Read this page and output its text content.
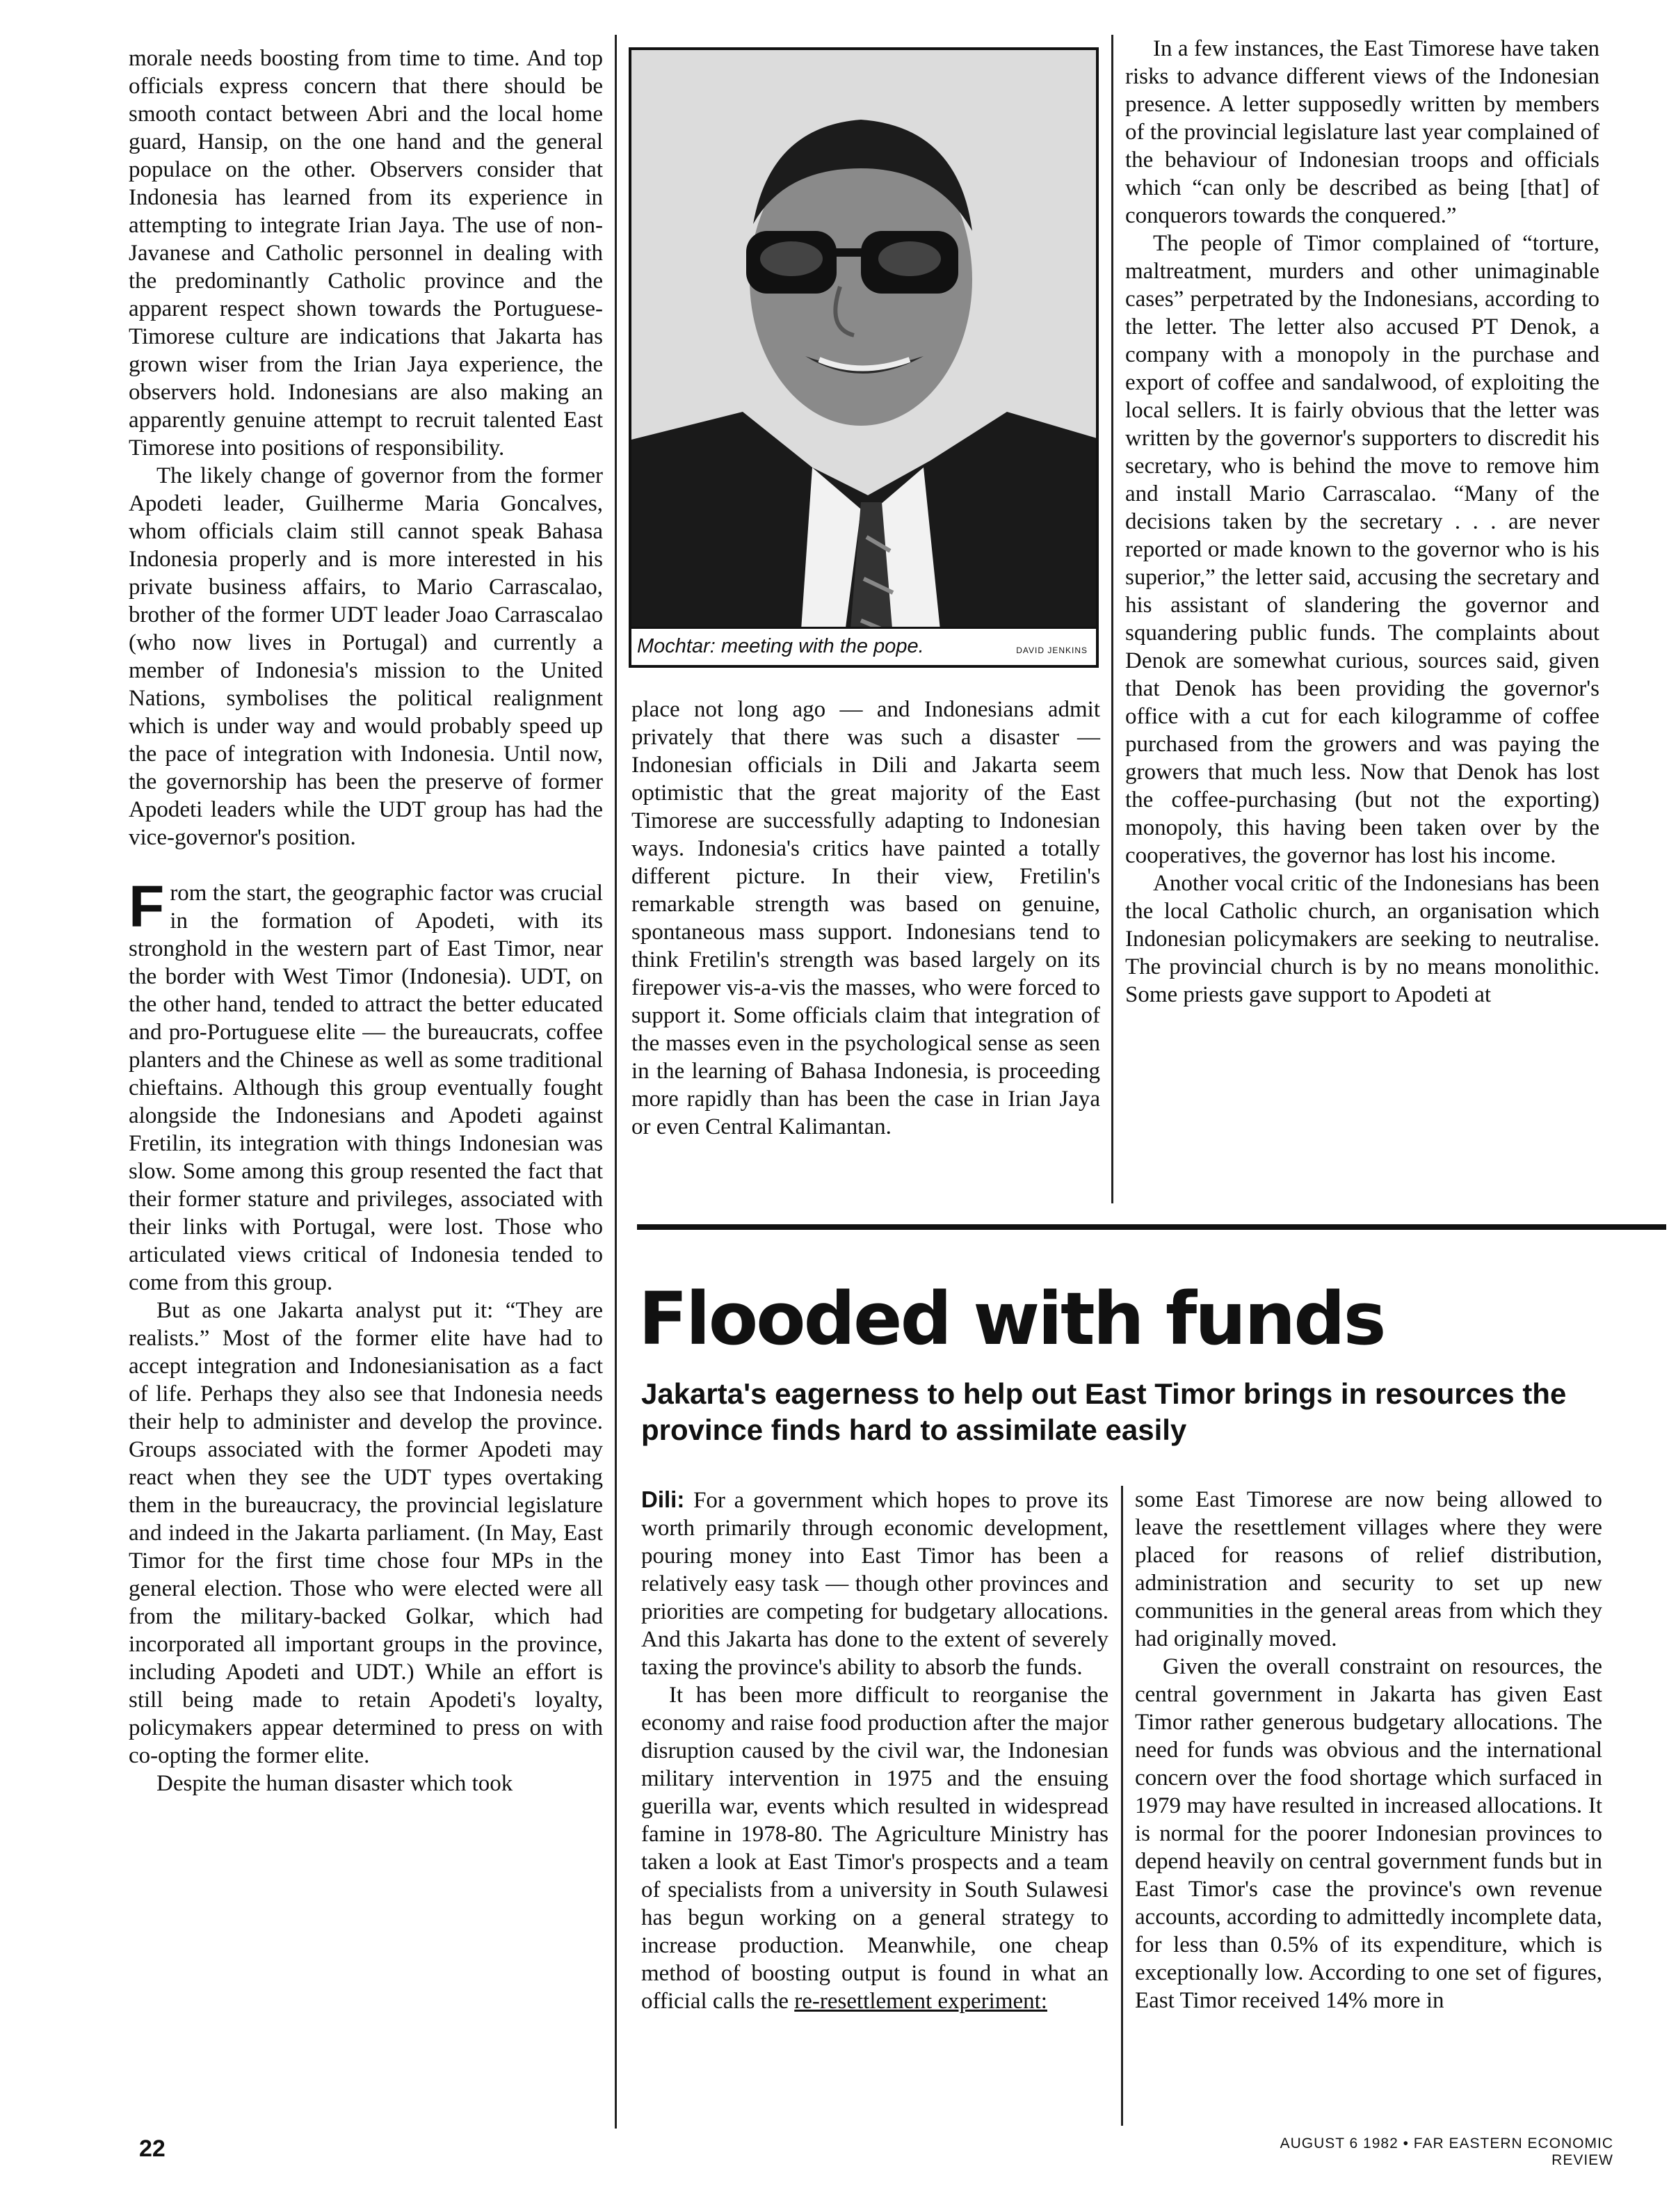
morale needs boosting from time to time. And top officials express concern that there should be smooth contact between Abri and the local home guard, Hansip, on the one hand and the general populace on the other. Observers consider that Indonesia has learned from its experience in attempting to integrate Irian Jaya. The use of non-Javanese and Catholic personnel in dealing with the predominantly Catholic province and the apparent respect shown towards the Portuguese-Timorese culture are indications that Jakarta has grown wiser from the Irian Jaya experience, the observers hold. Indonesians are also making an apparently genuine attempt to recruit talented East Timorese into positions of responsibility.

The likely change of governor from the former Apodeti leader, Guilherme Maria Goncalves, whom officials claim still cannot speak Bahasa Indonesia properly and is more interested in his private business affairs, to Mario Carrascalao, brother of the former UDT leader Joao Carrascalao (who now lives in Portugal) and currently a member of Indonesia's mission to the United Nations, symbolises the political realignment which is under way and would probably speed up the pace of integration with Indonesia. Until now, the governorship has been the preserve of former Apodeti leaders while the UDT group has had the vice-governor's position.

From the start, the geographic factor was crucial in the formation of Apodeti, with its stronghold in the western part of East Timor, near the border with West Timor (Indonesia). UDT, on the other hand, tended to attract the better educated and pro-Portuguese elite — the bureaucrats, coffee planters and the Chinese as well as some traditional chieftains. Although this group eventually fought alongside the Indonesians and Apodeti against Fretilin, its integration with things Indonesian was slow. Some among this group resented the fact that their former stature and privileges, associated with their links with Portugal, were lost. Those who articulated views critical of Indonesia tended to come from this group.

But as one Jakarta analyst put it: “They are realists.” Most of the former elite have had to accept integration and Indonesianisation as a fact of life. Perhaps they also see that Indonesia needs their help to administer and develop the province. Groups associated with the former Apodeti may react when they see the UDT types overtaking them in the bureaucracy, the provincial legislature and indeed in the Jakarta parliament. (In May, East Timor for the first time chose four MPs in the general election. Those who were elected were all from the military-backed Golkar, which had incorporated all important groups in the province, including Apodeti and UDT.) While an effort is still being made to retain Apodeti's loyalty, policymakers appear determined to press on with co-opting the former elite.

Despite the human disaster which took

Mochtar: meeting with the pope.	DAVID JENKINS

place not long ago — and Indonesians admit privately that there was such a disaster — Indonesian officials in Dili and Jakarta seem optimistic that the great majority of the East Timorese are successfully adapting to Indonesian ways. Indonesia's critics have painted a totally different picture. In their view, Fretilin's remarkable strength was based on genuine, spontaneous mass support. Indonesians tend to think Fretilin's strength was based largely on its firepower vis-a-vis the masses, who were forced to support it. Some officials claim that integration of the masses even in the psychological sense as seen in the learning of Bahasa Indonesia, is proceeding more rapidly than has been the case in Irian Jaya or even Central Kalimantan.

In a few instances, the East Timorese have taken risks to advance different views of the Indonesian presence. A letter supposedly written by members of the provincial legislature last year complained of the behaviour of Indonesian troops and officials which “can only be described as being [that] of conquerors towards the conquered.”

The people of Timor complained of “torture, maltreatment, murders and other unimaginable cases” perpetrated by the Indonesians, according to the letter. The letter also accused PT Denok, a company with a monopoly in the purchase and export of coffee and sandalwood, of exploiting the local sellers. It is fairly obvious that the letter was written by the governor's supporters to discredit his secretary, who is behind the move to remove him and install Mario Carrascalao. “Many of the decisions taken by the secretary . . . are never reported or made known to the governor who is his superior,” the letter said, accusing the secretary and his assistant of slandering the governor and squandering public funds. The complaints about Denok are somewhat curious, sources said, given that Denok has been providing the governor's office with a cut for each kilogramme of coffee purchased from the growers and was paying the growers that much less. Now that Denok has lost the coffee-purchasing (but not the exporting) monopoly, this having been taken over by the cooperatives, the governor has lost his income.

Another vocal critic of the Indonesians has been the local Catholic church, an organisation which Indonesian policymakers are seeking to neutralise. The provincial church is by no means monolithic. Some priests gave support to Apodeti at

Flooded with funds
Jakarta's eagerness to help out East Timor brings in resources the province finds hard to assimilate easily

Dili: For a government which hopes to prove its worth primarily through economic development, pouring money into East Timor has been a relatively easy task — though other provinces and priorities are competing for budgetary allocations. And this Jakarta has done to the extent of severely taxing the province's ability to absorb the funds.

It has been more difficult to reorganise the economy and raise food production after the major disruption caused by the civil war, the Indonesian military intervention in 1975 and the ensuing guerilla war, events which resulted in widespread famine in 1978-80. The Agriculture Ministry has taken a look at East Timor's prospects and a team of specialists from a university in South Sulawesi has begun working on a general strategy to increase production. Meanwhile, one cheap method of boosting output is found in what an official calls the re-resettlement experiment:

some East Timorese are now being allowed to leave the resettlement villages where they were placed for reasons of relief distribution, administration and security to set up new communities in the general areas from which they had originally moved.

Given the overall constraint on resources, the central government in Jakarta has given East Timor rather generous budgetary allocations. The need for funds was obvious and the international concern over the food shortage which surfaced in 1979 may have resulted in increased allocations. It is normal for the poorer Indonesian provinces to depend heavily on central government funds but in East Timor's case the province's own revenue accounts, according to admittedly incomplete data, for less than 0.5% of its expenditure, which is exceptionally low. According to one set of figures, East Timor received 14% more in

22	AUGUST 6 1982 • FAR EASTERN ECONOMIC REVIEW
